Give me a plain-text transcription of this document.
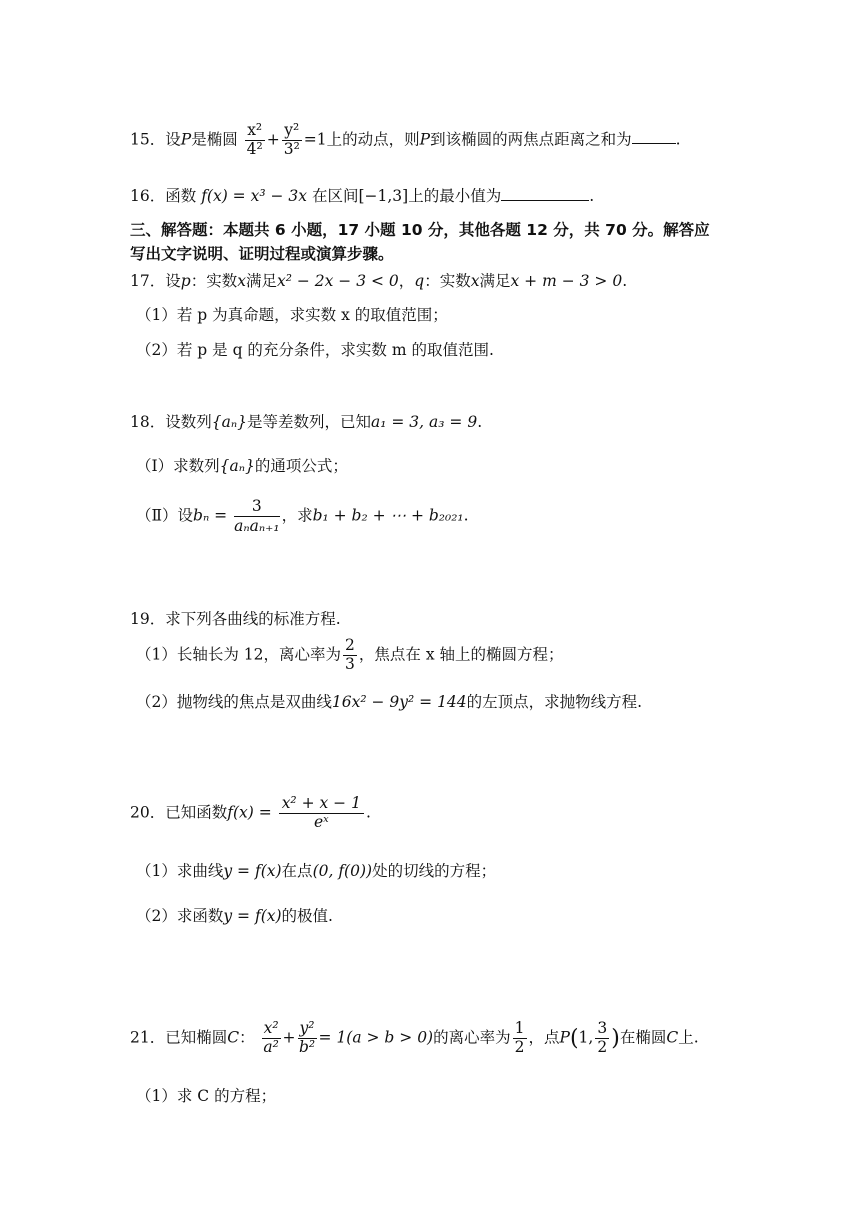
15．设P是椭圆 $\frac{\text{x²}}{\text{4²}} + \frac{\text{y²}}{\text{3²}} =1$上的动点，则P到该椭圆的两焦点距离之和为	.
16．函数 f(x) = x³ − 3x 在区间[−1,3]上的最小值为	.
三、解答题：本题共 6 小题，17 小题 10 分，其他各题 12 分，共 70 分。解答应
写出文字说明、证明过程或演算步骤。
17．设p：实数x满足x² − 2x − 3 < 0，q：实数x满足x + m − 3 > 0.
（1）若 p 为真命题，求实数 x 的取值范围；
（2）若 p 是 q 的充分条件，求实数 m 的取值范围.
18．设数列{aₙ}是等差数列，已知a₁ = 3, a₃ = 9.
（I）求数列{aₙ}的通项公式；
（Ⅱ）设$b_n = \frac{3}{\text{aₙaₙ₊₁}}$ ，求b₁ + b₂ + ⋯ + b₂₀₂₁.
19．求下列各曲线的标准方程.
（1）长轴长为 12，离心率为 $\frac{2}{3}$ ，焦点在 x 轴上的椭圆方程；
（2）抛物线的焦点是双曲线16x² − 9y² = 144的左顶点，求抛物线方程.
20．已知函数$f(x) = \frac{\text{x² + x − 1}}{\text{eˣ}}$ .
（1）求曲线y = f(x)在点(0, f(0))处的切线的方程；
（2）求函数y = f(x)的极值.
21．已知椭圆C： $\frac{\text{x²}}{\text{a²}} + \frac{\text{y²}}{\text{b²}} = 1(a > b > 0)$的离心率为 $\frac{1}{2}$ ，点P(1, $\frac{3}{2}$ )在椭圆C上.
（1）求 C 的方程；
